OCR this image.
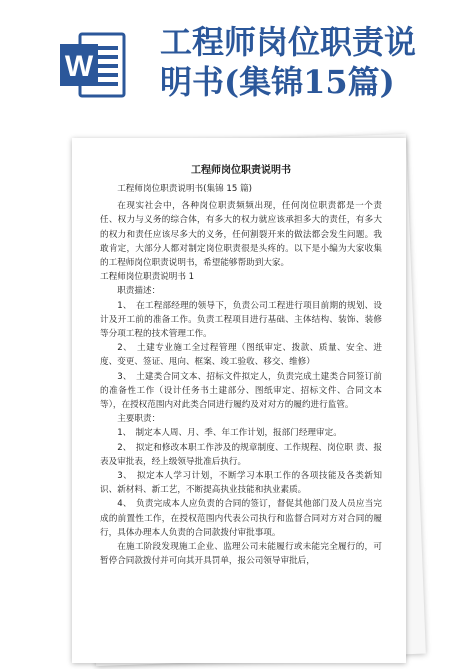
W
工程师岗位职责说
明书(集锦15篇)
工程师岗位职责说明书
工程师岗位职责说明书(集锦 15 篇)
在现实社会中，各种岗位职责频频出现，任何岗位职责都是一个责任、权力与义务的综合体，有多大的权力就应该承担多大的责任，有多大的权力和责任应该尽多大的义务，任何割裂开来的做法都会发生问题。我敢肯定，大部分人都对制定岗位职责很是头疼的。以下是小编为大家收集的工程师岗位职责说明书，希望能够帮助到大家。
工程师岗位职责说明书 1
职责描述：
1、　在工程部经理的领导下，负责公司工程进行项目前期的规划、设计及开工前的准备工作。负责工程项目进行基础、主体结构、装饰、装修等分项工程的技术管理工作。
2、　土建专业施工全过程管理（图纸审定、拨款、质量、安全、进度、变更、签证、甩向、框案、竣工验收、移交、维修）
3、　土建类合同文本、招标文件拟定人，负责完成土建类合同签订前的准备性工作（设计任务书土建部分、图纸审定、招标文件、合同文本等），在授权范围内对此类合同进行履约及对对方的履约进行监管。
主要职责：
1、　制定本人周、月、季、年工作计划，报部门经理审定。
2、　拟定和修改本职工作涉及的规章制度、工作规程、岗位职 责、报表及审批表，经上级领导批准后执行。
3、　拟定本人学习计划，不断学习本职工作的各项技能及各类新知识、新材料、新工艺，不断提高执业技能和执业素质。
4、　负责完成本人应负责的合同的签订，督促其他部门及人员应当完成的前置性工作，在授权范围内代表公司执行和监督合同对方对合同的履行，具体办理本人负责的合同款拨付审批事项。
在施工阶段发现施工企业、监理公司未能履行或未能完全履行的，可暂停合同款拨付并可向其开具罚单，报公司领导审批后，
